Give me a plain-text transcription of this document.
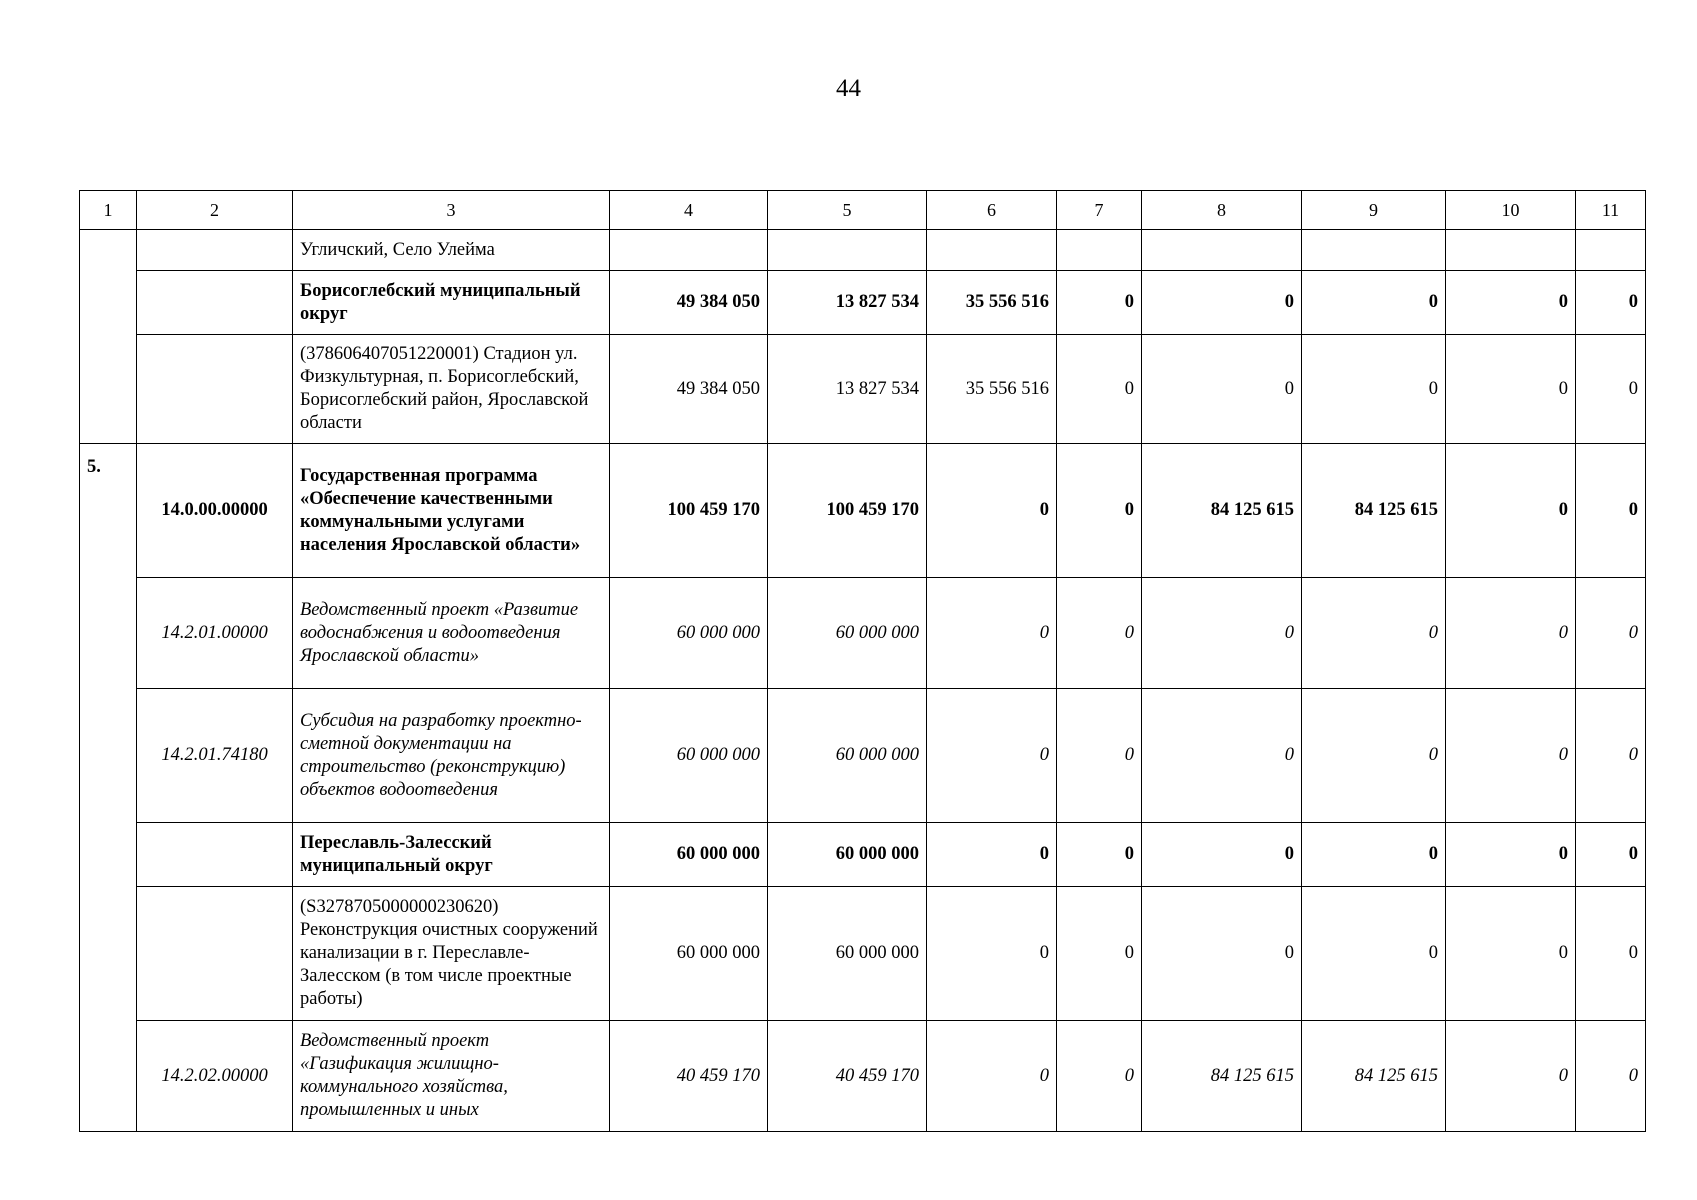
44
1	2	3	4	5	6	7	8	9	10	11
		Угличский, Село Улейма								
		Борисоглебский муниципальный округ	49 384 050	13 827 534	35 556 516	0	0	0	0	0
		(378606407051220001) Стадион ул. Физкультурная, п. Борисоглебский, Борисоглебский район, Ярославской области	49 384 050	13 827 534	35 556 516	0	0	0	0	0
5.	14.0.00.00000	Государственная программа «Обеспечение качественными коммунальными услугами населения Ярославской области»	100 459 170	100 459 170	0	0	84 125 615	84 125 615	0	0
	14.2.01.00000	Ведомственный проект «Развитие водоснабжения и водоотведения Ярославской области»	60 000 000	60 000 000	0	0	0	0	0	0
	14.2.01.74180	Субсидия на разработку проектно-сметной документации на строительство (реконструкцию) объектов водоотведения	60 000 000	60 000 000	0	0	0	0	0	0
		Переславль-Залесский муниципальный округ	60 000 000	60 000 000	0	0	0	0	0	0
		(S3278705000000230620) Реконструкция очистных сооружений канализации в г. Переславле-Залесском (в том числе проектные работы)	60 000 000	60 000 000	0	0	0	0	0	0
	14.2.02.00000	Ведомственный проект «Газификация жилищно-коммунального хозяйства, промышленных и иных	40 459 170	40 459 170	0	0	84 125 615	84 125 615	0	0
